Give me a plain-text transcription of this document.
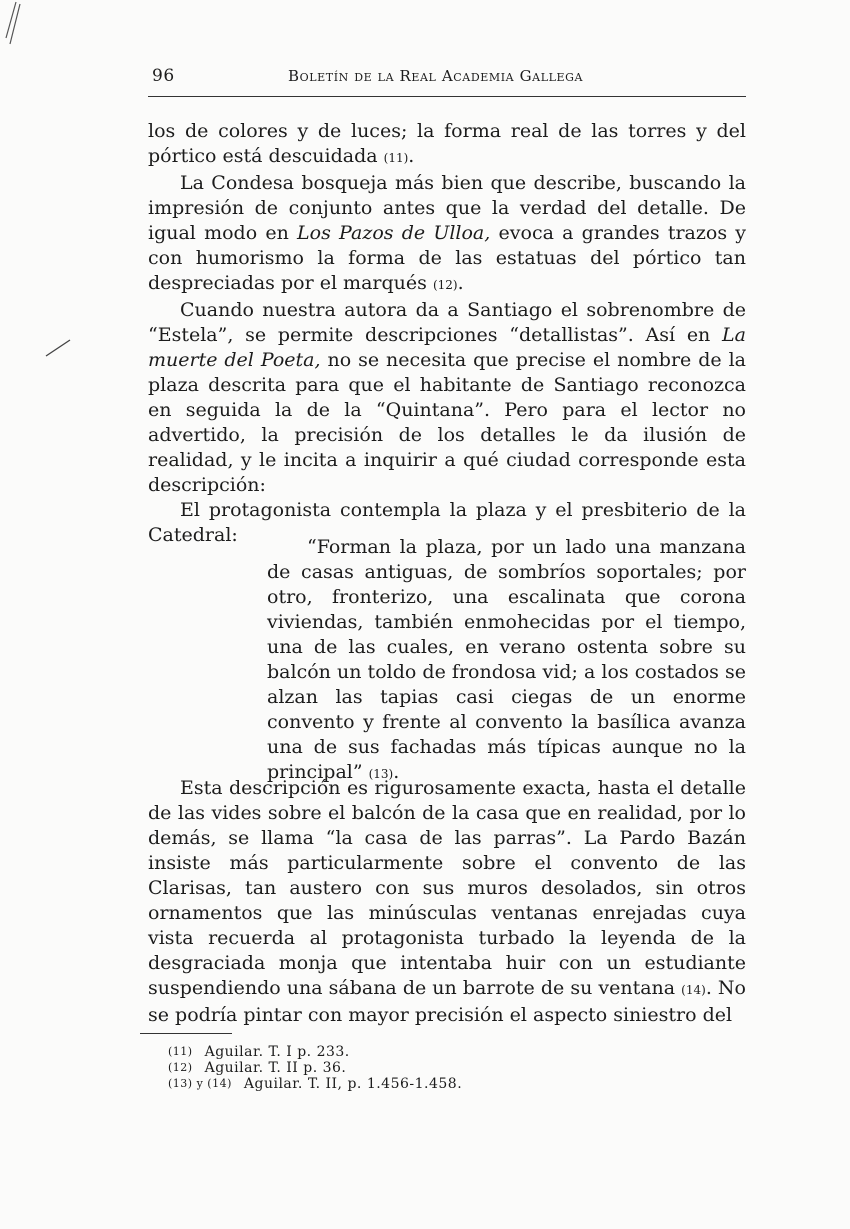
96	Boletín de la Real Academia Gallega

los de colores y de luces; la forma real de las torres y del pórtico está descuidada (11).

La Condesa bosqueja más bien que describe, buscando la impresión de conjunto antes que la verdad del detalle. De igual modo en Los Pazos de Ulloa, evoca a grandes trazos y con humorismo la forma de las estatuas del pórtico tan despreciadas por el marqués (12).

Cuando nuestra autora da a Santiago el sobrenombre de “Estela”, se permite descripciones “detallistas”. Así en La muerte del Poeta, no se necesita que precise el nombre de la plaza descrita para que el habitante de Santiago reconozca en seguida la de la “Quintana”. Pero para el lector no advertido, la precisión de los detalles le da ilusión de realidad, y le incita a inquirir a qué ciudad corresponde esta descripción:

El protagonista contempla la plaza y el presbiterio de la Catedral:

“Forman la plaza, por un lado una manzana de casas antiguas, de sombríos soportales; por otro, fronterizo, una escalinata que corona viviendas, también enmohecidas por el tiempo, una de las cuales, en verano ostenta sobre su balcón un toldo de frondosa vid; a los costados se alzan las tapias casi ciegas de un enorme convento y frente al convento la basílica avanza una de sus fachadas más típicas aunque no la principal” (13).

Esta descripción es rigurosamente exacta, hasta el detalle de las vides sobre el balcón de la casa que en realidad, por lo demás, se llama “la casa de las parras”. La Pardo Bazán insiste más particularmente sobre el convento de las Clarisas, tan austero con sus muros desolados, sin otros ornamentos que las minúsculas ventanas enrejadas cuya vista recuerda al protagonista turbado la leyenda de la desgraciada monja que intentaba huir con un estudiante suspendiendo una sábana de un barrote de su ventana (14). No se podría pintar con mayor precisión el aspecto siniestro del

(11) Aguilar. T. I p. 233.
(12) Aguilar. T. II p. 36.
(13) y (14) Aguilar. T. II, p. 1.456-1.458.
